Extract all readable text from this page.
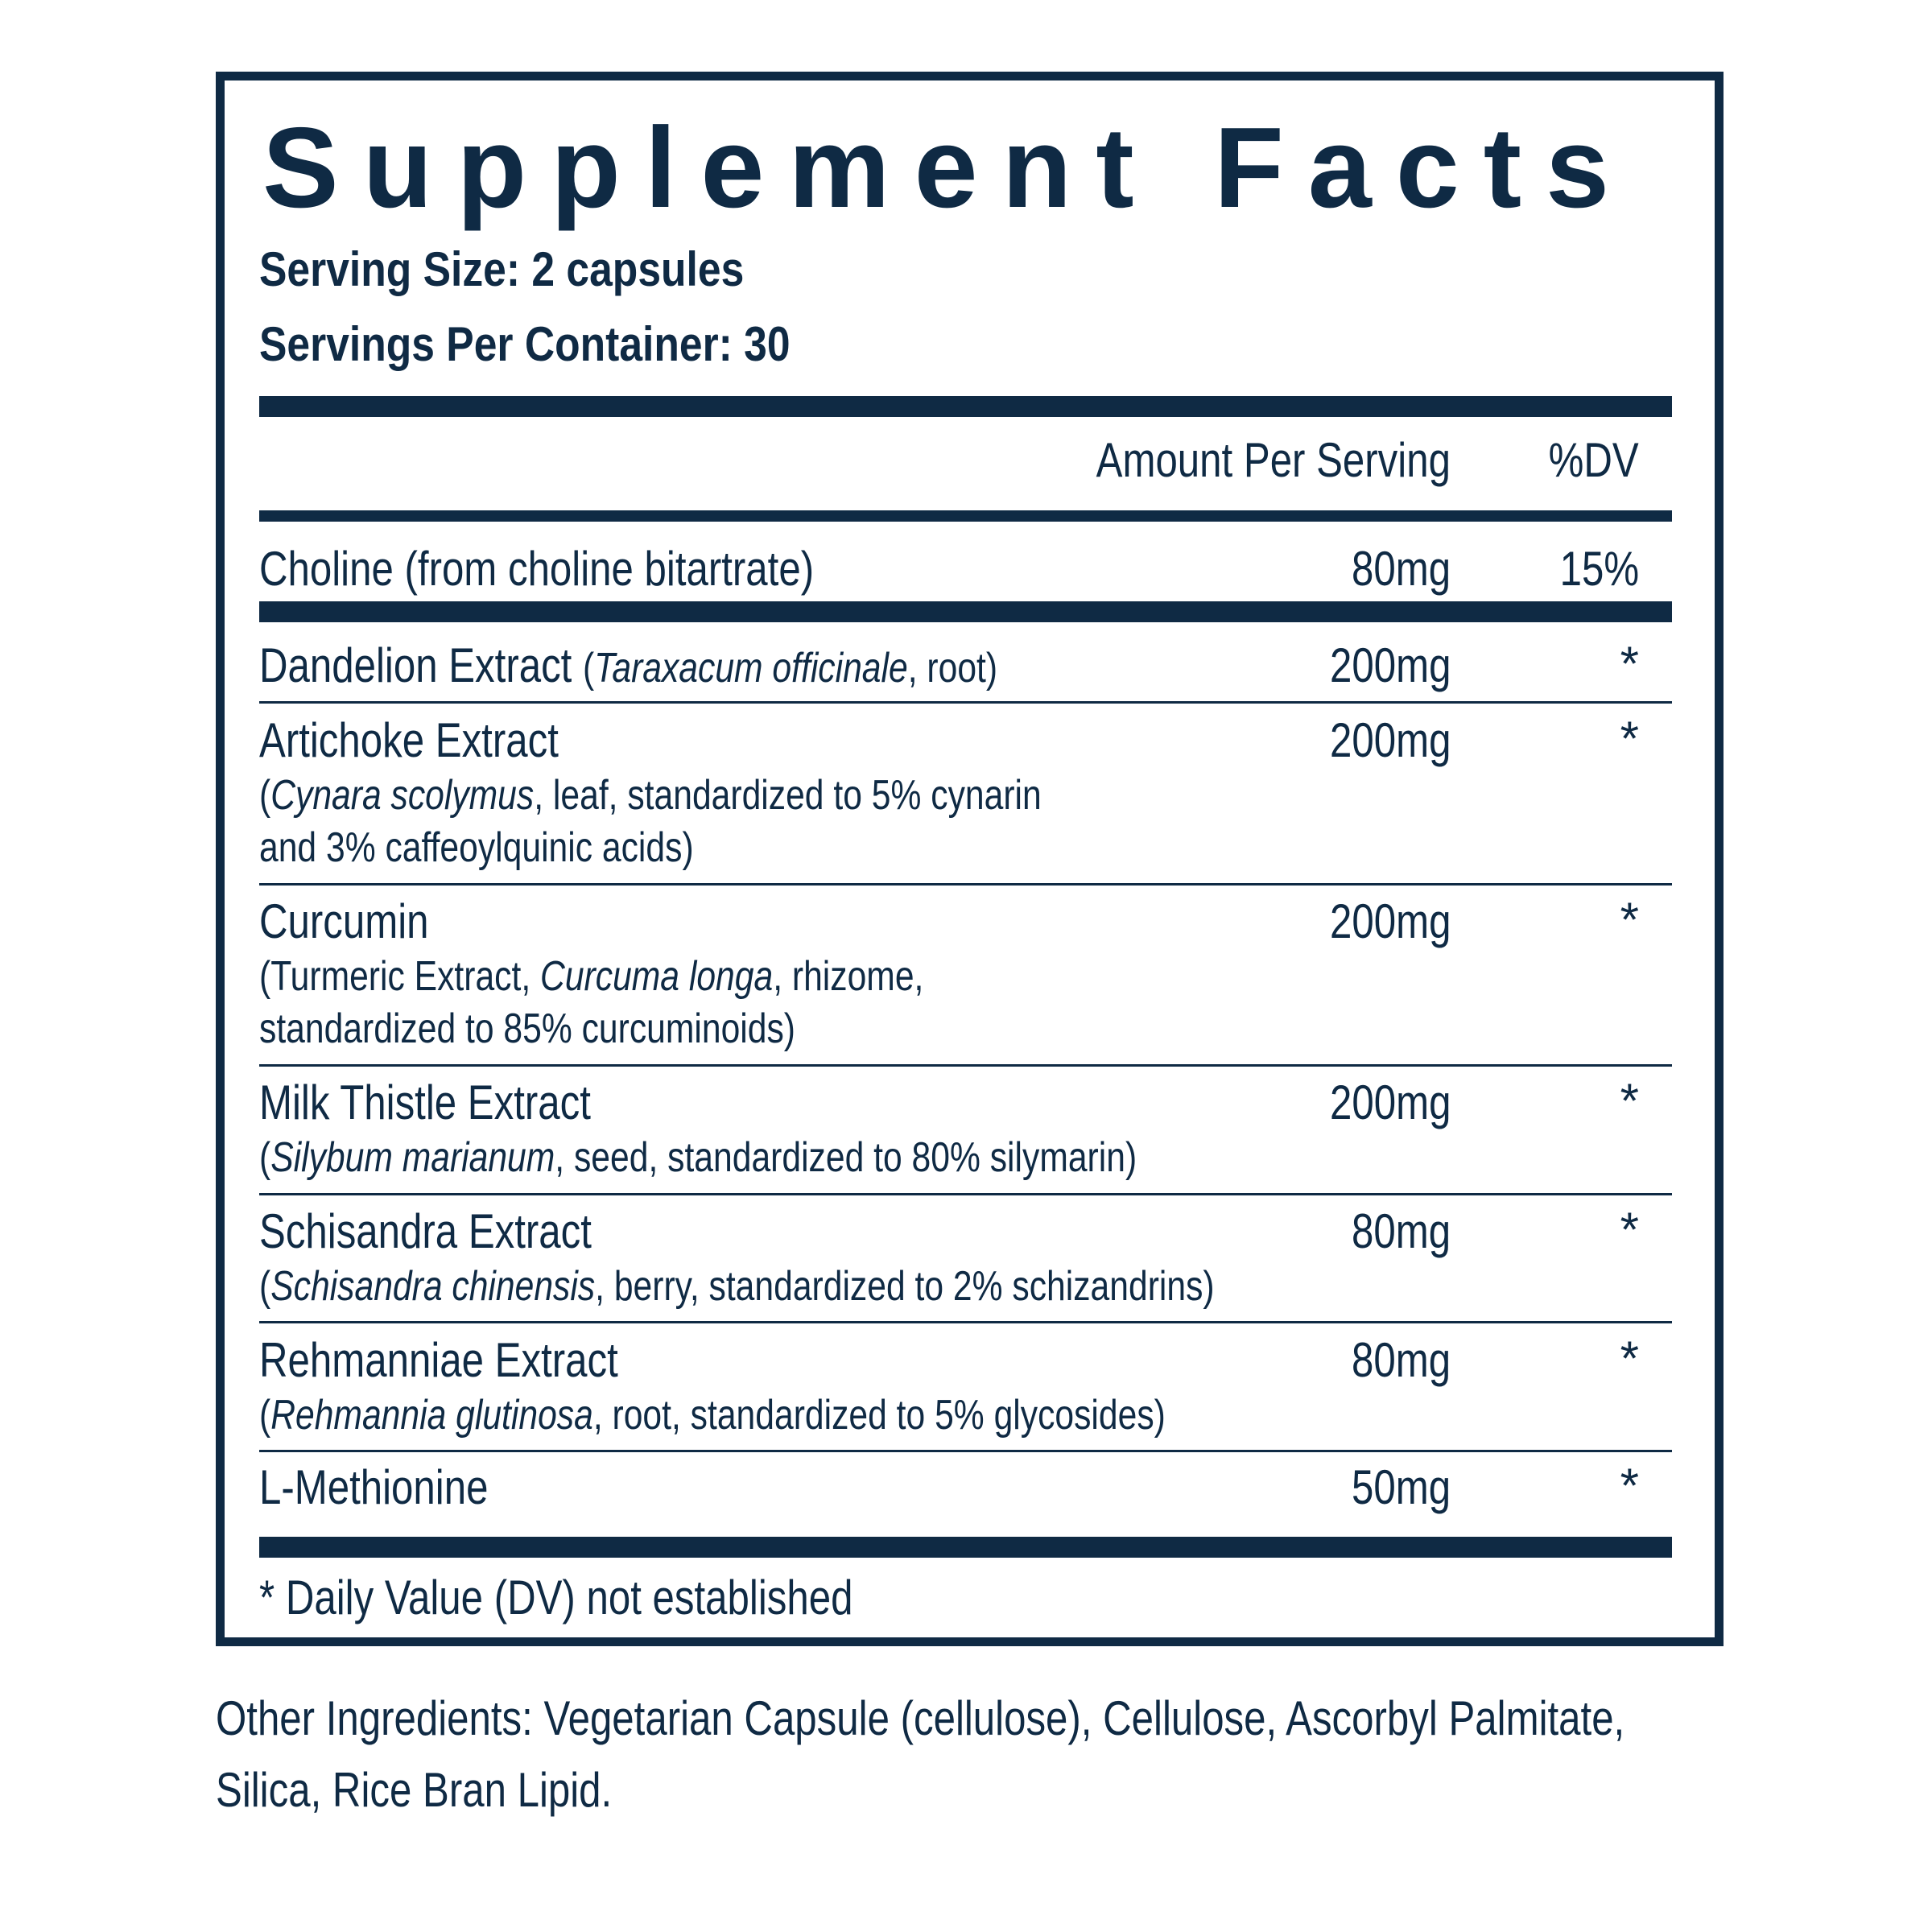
Supplement Facts
Serving Size: 2 capsules
Servings Per Container: 30
Amount Per Serving %DV
Choline (from choline bitartrate)	80mg 15%
Dandelion Extract (Taraxacum officinale, root)	200mg	*
Artichoke Extract
(Cynara scolymus, leaf, standardized to 5% cynarin
and 3% caffeoylquinic acids)
200mg	*
Curcumin
(Turmeric Extract, Curcuma longa, rhizome,
standardized to 85% curcuminoids)
200mg	*
Milk Thistle Extract
(Silybum marianum, seed, standardized to 80% silymarin)
200mg	*
Schisandra Extract
(Schisandra chinensis, berry, standardized to 2% schizandrins)
80mg	*
Rehmanniae Extract
(Rehmannia glutinosa, root, standardized to 5% glycosides)
80mg	*
L-Methionine	50mg	*
* Daily Value (DV) not established
Other Ingredients: Vegetarian Capsule (cellulose), Cellulose, Ascorbyl Palmitate,
Silica, Rice Bran Lipid.
